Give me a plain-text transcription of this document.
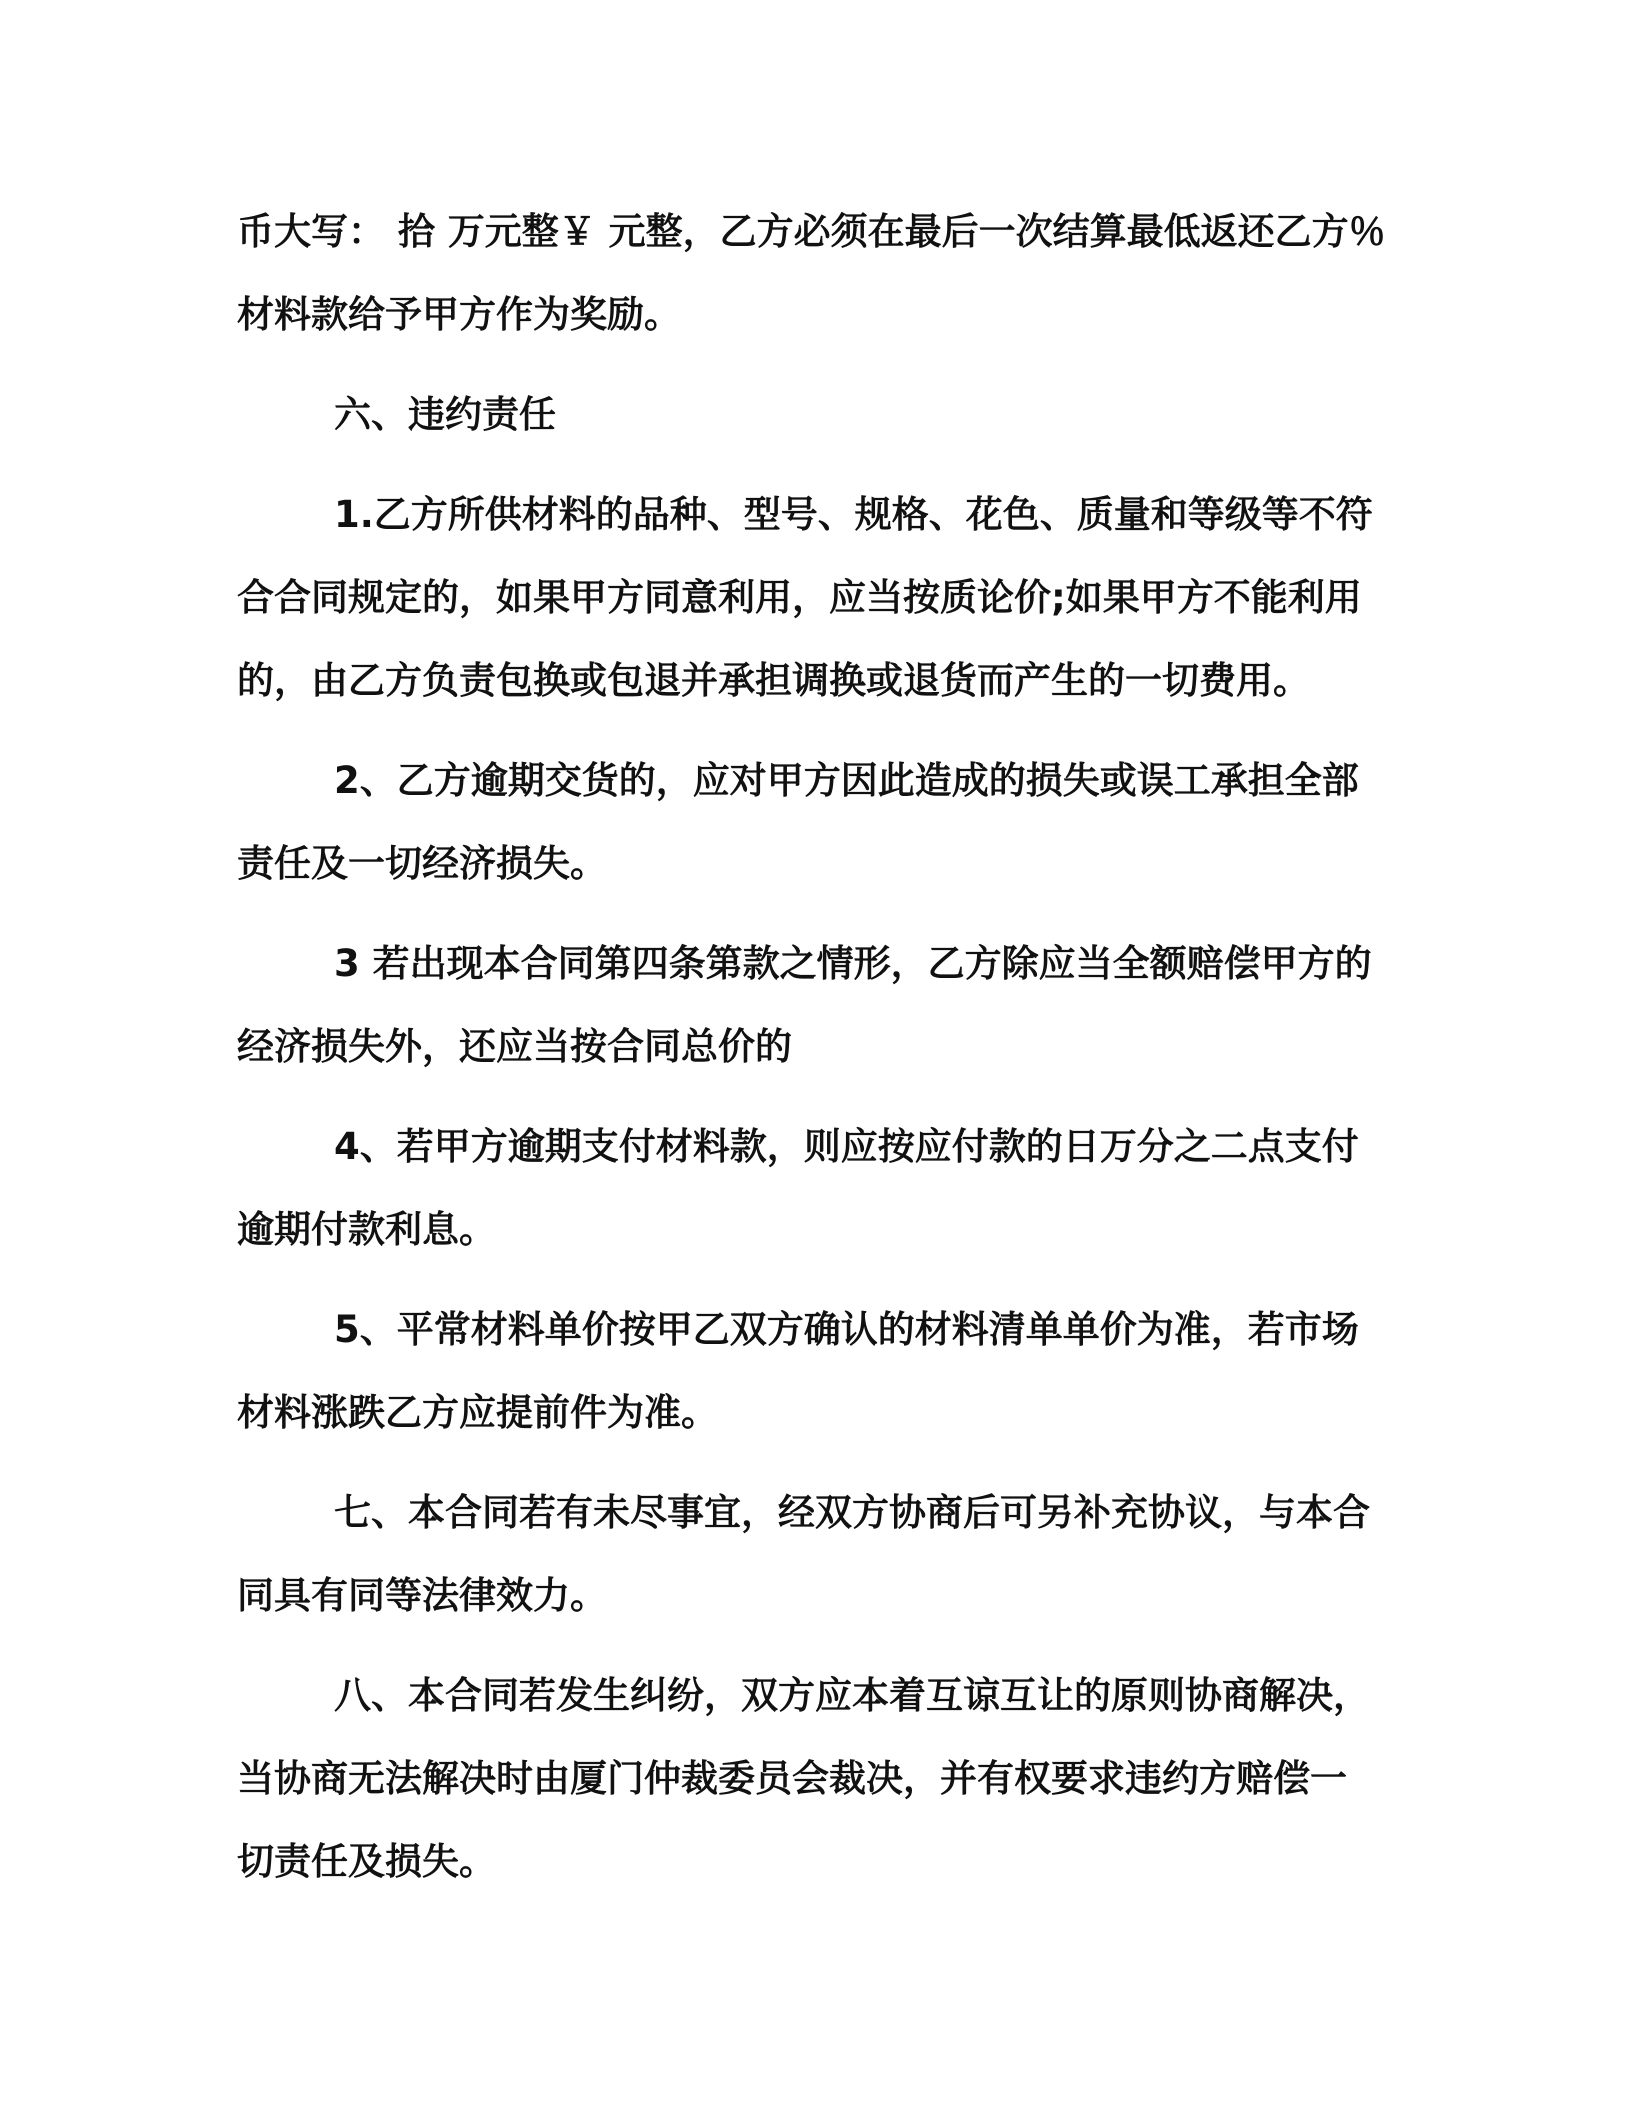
币大写： 拾 万元整￥ 元整，乙方必须在最后一次结算最低返还乙方％
材料款给予甲方作为奖励。
六、违约责任
1.乙方所供材料的品种、型号、规格、花色、质量和等级等不符
合合同规定的，如果甲方同意利用，应当按质论价;如果甲方不能利用
的，由乙方负责包换或包退并承担调换或退货而产生的一切费用。
2、乙方逾期交货的，应对甲方因此造成的损失或误工承担全部
责任及一切经济损失。
3 若出现本合同第四条第款之情形，乙方除应当全额赔偿甲方的
经济损失外，还应当按合同总价的
4、若甲方逾期支付材料款，则应按应付款的日万分之二点支付
逾期付款利息。
5、平常材料单价按甲乙双方确认的材料清单单价为准，若市场
材料涨跌乙方应提前件为准。
七、本合同若有未尽事宜，经双方协商后可另补充协议，与本合
同具有同等法律效力。
八、本合同若发生纠纷，双方应本着互谅互让的原则协商解决，
当协商无法解决时由厦门仲裁委员会裁决，并有权要求违约方赔偿一
切责任及损失。
